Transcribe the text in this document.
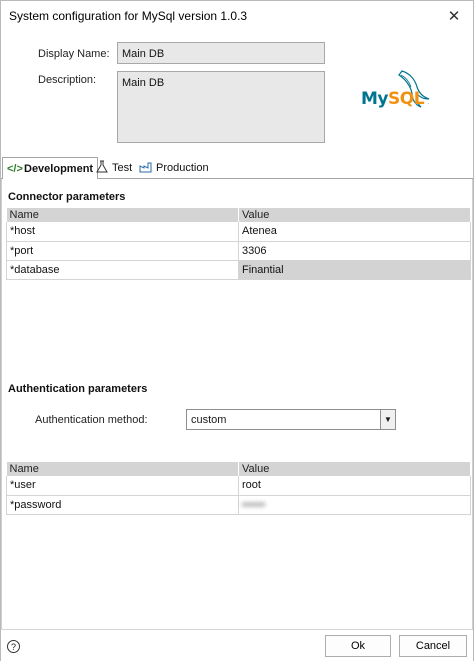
System configuration for MySql version 1.0.3	✕
Display Name:	Main DB
Description:	Main DB
MySQL .
</> Development Test Production
Connector parameters
Name	Value
*host	Atenea
*port	3306
*database	Finantial
Authentication parameters
Authentication method:	custom	▼
Name	Value
*user	root
*password	••••••
?	Ok	Cancel
